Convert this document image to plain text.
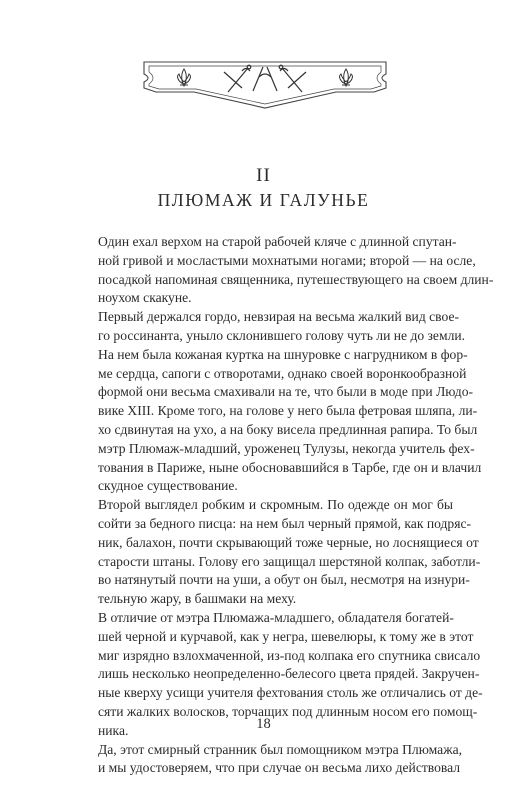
II
ПЛЮМАЖ И ГАЛУНЬЕ

Один ехал верхом на старой рабочей кляче с длинной спутан-
ной гривой и мосластыми мохнатыми ногами; второй — на осле,
посадкой напоминая священника, путешествующего на своем длин-
ноухом скакуне.

Первый держался гордо, невзирая на весьма жалкий вид свое-
го россинанта, уныло склонившего голову чуть ли не до земли.
На нем была кожаная куртка на шнуровке с нагрудником в фор-
ме сердца, сапоги с отворотами, однако своей воронкообразной
формой они весьма смахивали на те, что были в моде при Людо-
вике XIII. Кроме того, на голове у него была фетровая шляпа, ли-
хо сдвинутая на ухо, а на боку висела предлинная рапира. То был
мэтр Плюмаж-младший, уроженец Тулузы, некогда учитель фех-
тования в Париже, ныне обосновавшийся в Тарбе, где он и влачил
скудное существование.

Второй выглядел робким и скромным. По одежде он мог бы
сойти за бедного писца: на нем был черный прямой, как подряс-
ник, балахон, почти скрывающий тоже черные, но лоснящиеся от
старости штаны. Голову его защищал шерстяной колпак, заботли-
во натянутый почти на уши, а обут он был, несмотря на изнури-
тельную жару, в башмаки на меху.

В отличие от мэтра Плюмажа-младшего, обладателя богатей-
шей черной и курчавой, как у негра, шевелюры, к тому же в этот
миг изрядно взлохмаченной, из-под колпака его спутника свисало
лишь несколько неопределенно-белесого цвета прядей. Закручен-
ные кверху усищи учителя фехтования столь же отличались от де-
сяти жалких волосков, торчащих под длинным носом его помощ-
ника.

Да, этот смирный странник был помощником мэтра Плюмажа,
и мы удостоверяем, что при случае он весьма лихо действовал

18
